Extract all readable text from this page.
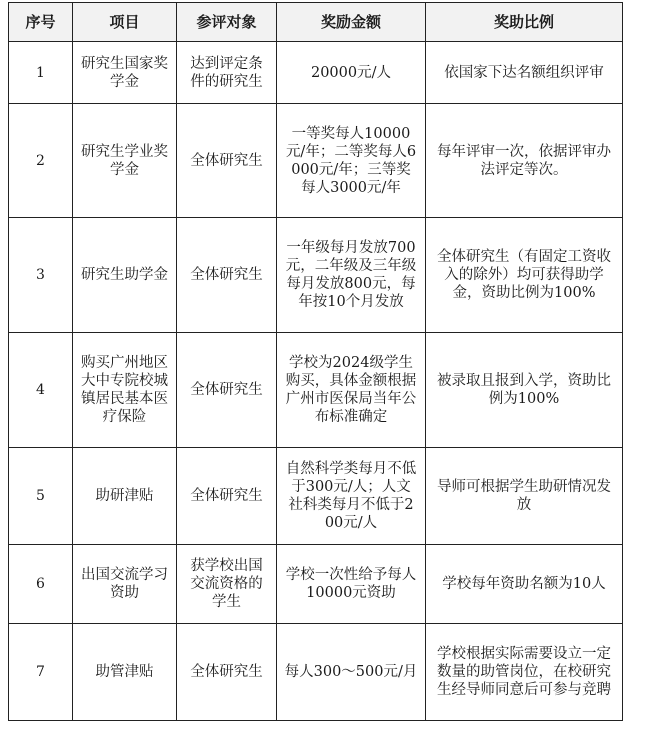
序号	项目	参评对象	奖励金额	奖助比例
1	研究生国家奖学金	达到评定条件的研究生	20000元/人	依国家下达名额组织评审
2	研究生学业奖学金	全体研究生	一等奖每人10000元/年；二等奖每人6000元/年；三等奖每人3000元/年	每年评审一次，依据评审办法评定等次。
3	研究生助学金	全体研究生	一年级每月发放700元，二年级及三年级每月发放800元，每年按10个月发放	全体研究生（有固定工资收入的除外）均可获得助学金，资助比例为100%
4	购买广州地区大中专院校城镇居民基本医疗保险	全体研究生	学校为2024级学生购买，具体金额根据广州市医保局当年公布标准确定	被录取且报到入学，资助比例为100%
5	助研津贴	全体研究生	自然科学类每月不低于300元/人；人文社科类每月不低于200元/人	导师可根据学生助研情况发放
6	出国交流学习资助	获学校出国交流资格的学生	学校一次性给予每人10000元资助	学校每年资助名额为10人
7	助管津贴	全体研究生	每人300～500元/月	学校根据实际需要设立一定数量的助管岗位，在校研究生经导师同意后可参与竞聘
